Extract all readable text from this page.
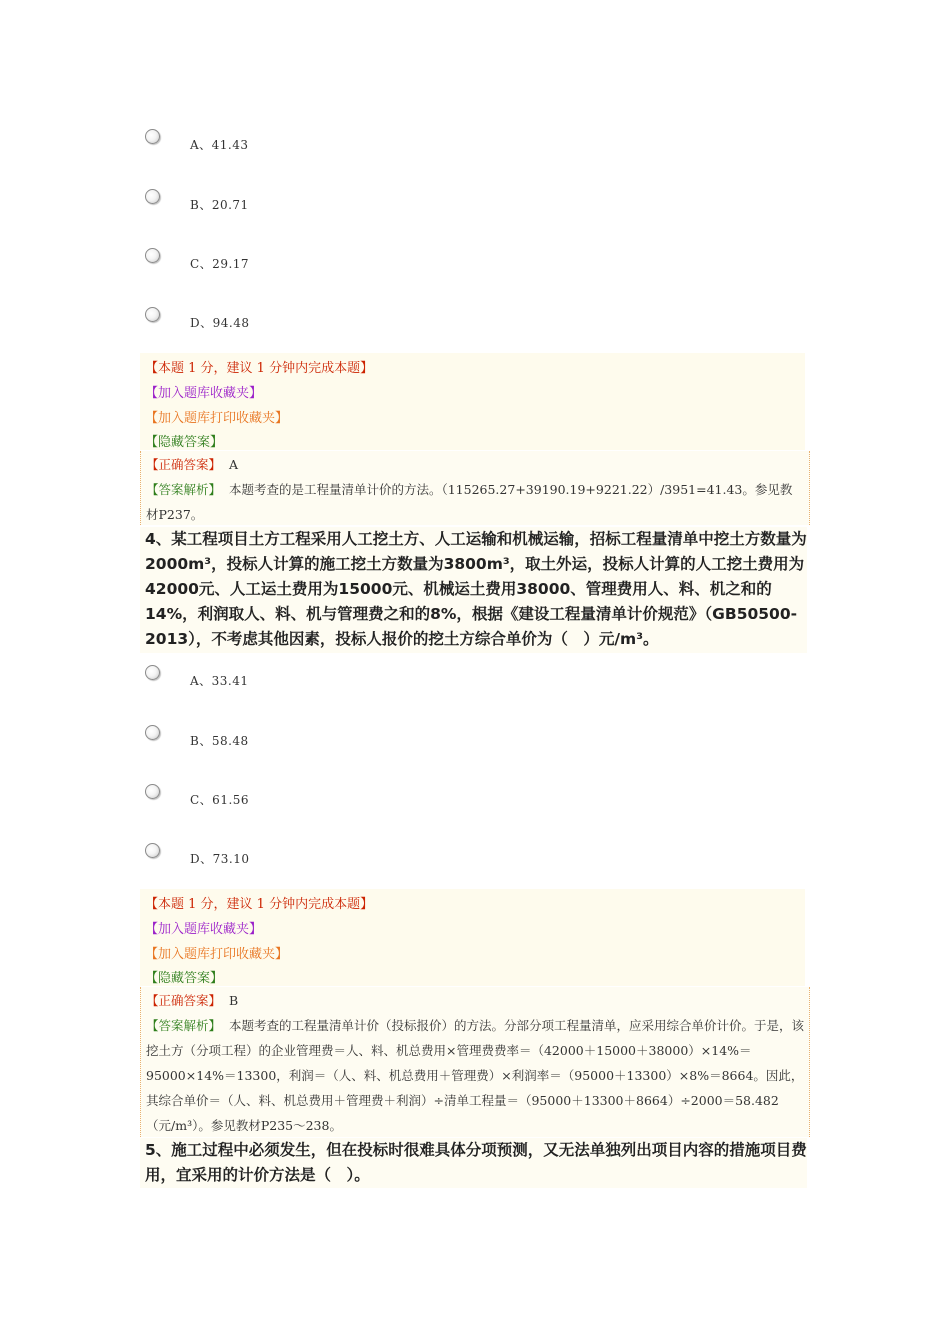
A、41.43
B、20.71
C、29.17
D、94.48
【本题 1 分，建议 1 分钟内完成本题】
【加入题库收藏夹】
【加入题库打印收藏夹】
【隐藏答案】
【正确答案】 A
【答案解析】 本题考查的是工程量清单计价的方法。（115265.27+39190.19+9221.22）/3951=41.43。参见教材P237。
4、某工程项目土方工程采用人工挖土方、人工运输和机械运输，招标工程量清单中挖土方数量为2000m³，投标人计算的施工挖土方数量为3800m³，取土外运，投标人计算的人工挖土费用为42000元、人工运土费用为15000元、机械运土费用38000、管理费用人、料、机之和的14%，利润取人、料、机与管理费之和的8%，根据《建设工程量清单计价规范》（GB50500-2013），不考虑其他因素，投标人报价的挖土方综合单价为（　）元/m³。
A、33.41
B、58.48
C、61.56
D、73.10
【本题 1 分，建议 1 分钟内完成本题】
【加入题库收藏夹】
【加入题库打印收藏夹】
【隐藏答案】
【正确答案】 B
【答案解析】 本题考查的工程量清单计价（投标报价）的方法。分部分项工程量清单，应采用综合单价计价。于是，该挖土方（分项工程）的企业管理费＝人、料、机总费用×管理费费率＝（42000＋15000＋38000）×14%＝95000×14%＝13300，利润＝（人、料、机总费用＋管理费）×利润率＝（95000＋13300）×8%＝8664。因此，其综合单价＝（人、料、机总费用＋管理费＋利润）÷清单工程量＝（95000＋13300＋8664）÷2000＝58.482（元/m³）。参见教材P235～238。
5、施工过程中必须发生，但在投标时很难具体分项预测，又无法单独列出项目内容的措施项目费用，宜采用的计价方法是（　）。
